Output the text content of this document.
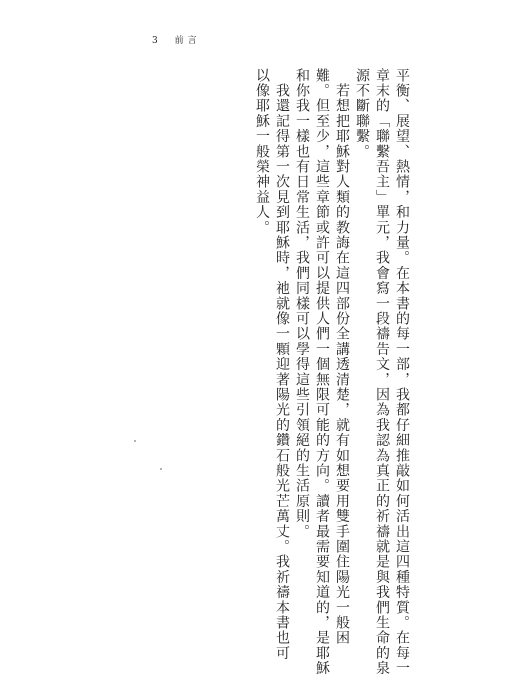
3 前言
平衡、展望、熱情，和力量。在本書的每一部，我都仔細推敲如何活出這四種特質。在每一
章末的「聯繫吾主」單元，我會寫一段禱告文，因為我認為真正的祈禱就是與我們生命的泉
源不斷聯繫。
　若想把耶穌對人類的教誨在這四部份全講透清楚，就有如想要用雙手圍住陽光一般困
難。但至少，這些章節或許可以提供人們一個無限可能的方向。讀者最需要知道的，是耶穌
和你我一樣也有日常生活，我們同樣可以學得這些引領絕的生活原則。
　我還記得第一次見到耶穌時，祂就像一顆迎著陽光的鑽石般光芒萬丈。我祈禱本書也可
以像耶穌一般榮神益人。
